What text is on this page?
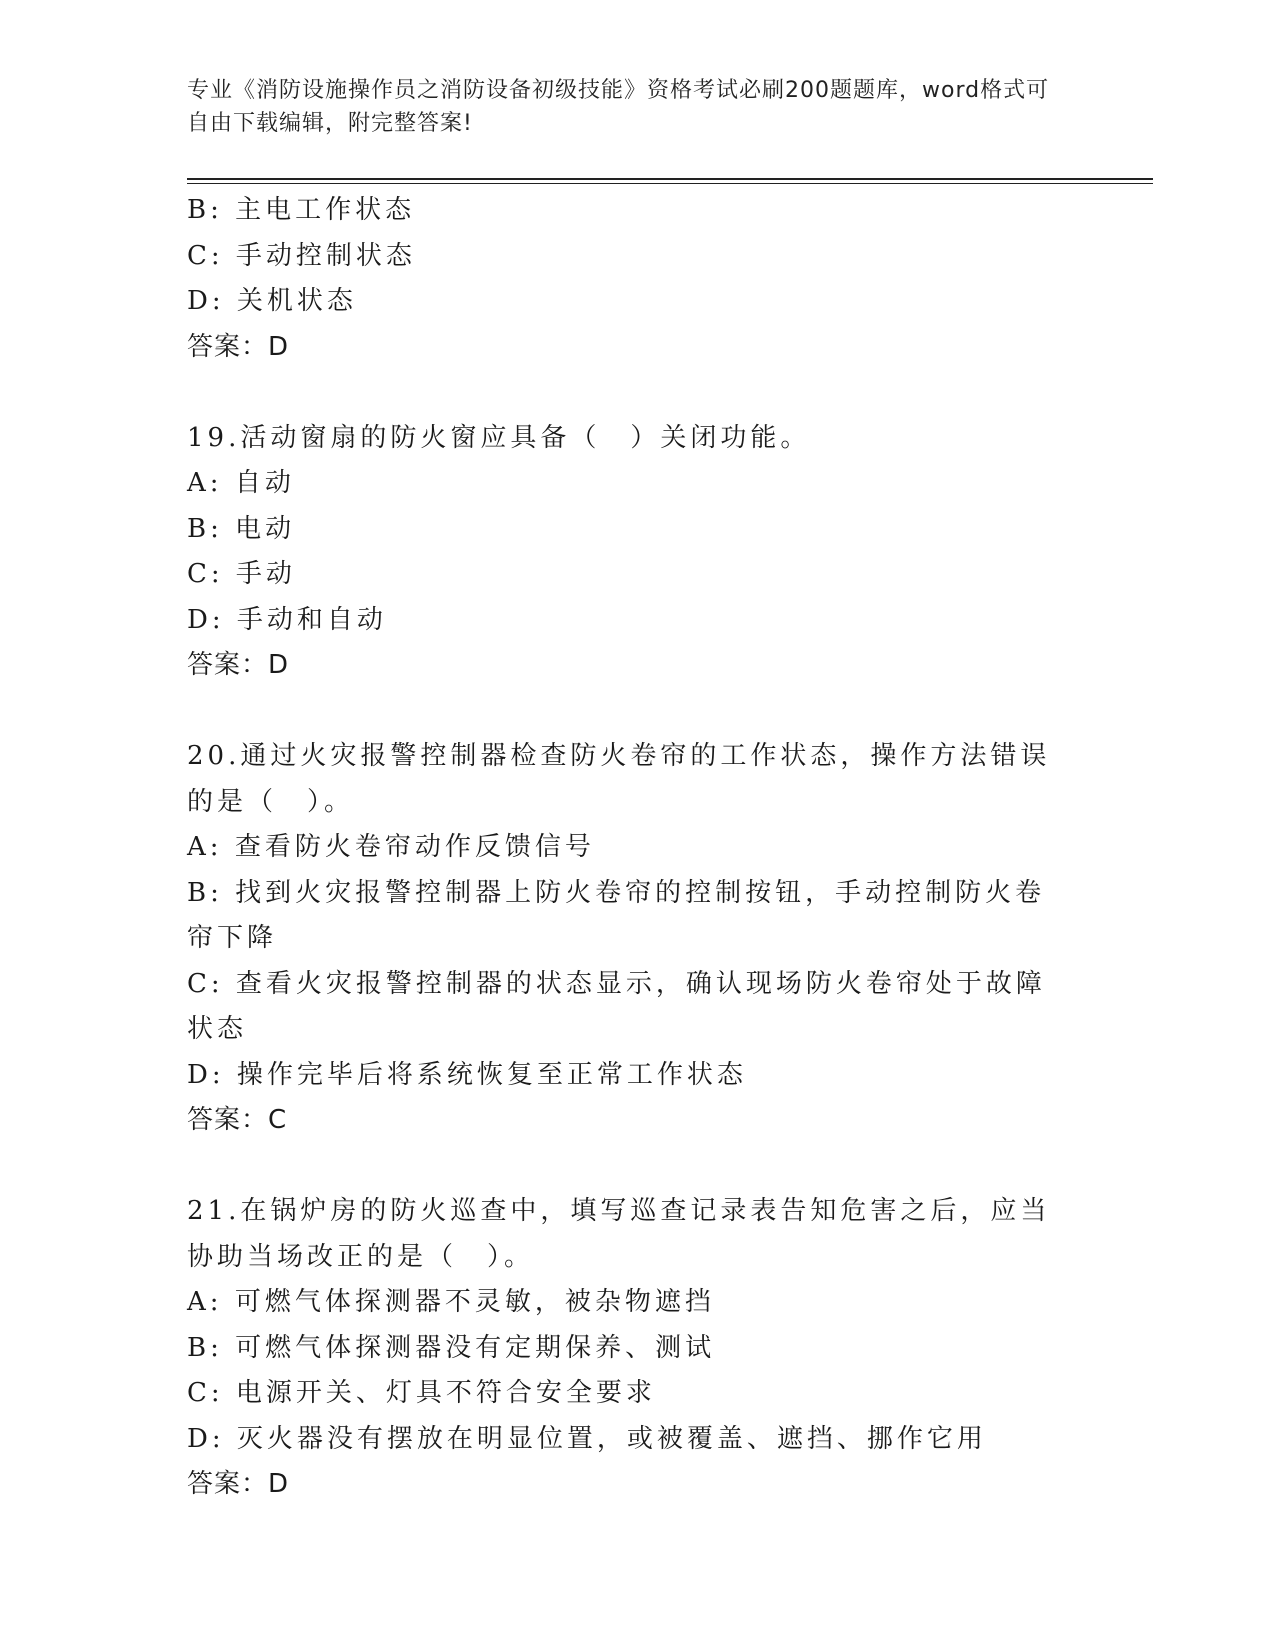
专业《消防设施操作员之消防设备初级技能》资格考试必刷200题题库，word格式可自由下载编辑，附完整答案!
B: 主电工作状态
C: 手动控制状态
D: 关机状态
答案：D
19.活动窗扇的防火窗应具备（　）关闭功能。
A: 自动
B: 电动
C: 手动
D: 手动和自动
答案：D
20.通过火灾报警控制器检查防火卷帘的工作状态，操作方法错误的是（　）。
A: 查看防火卷帘动作反馈信号
B: 找到火灾报警控制器上防火卷帘的控制按钮，手动控制防火卷帘下降
C: 查看火灾报警控制器的状态显示，确认现场防火卷帘处于故障状态
D: 操作完毕后将系统恢复至正常工作状态
答案：C
21.在锅炉房的防火巡查中，填写巡查记录表告知危害之后，应当协助当场改正的是（　）。
A: 可燃气体探测器不灵敏，被杂物遮挡
B: 可燃气体探测器没有定期保养、测试
C: 电源开关、灯具不符合安全要求
D: 灭火器没有摆放在明显位置，或被覆盖、遮挡、挪作它用
答案：D
